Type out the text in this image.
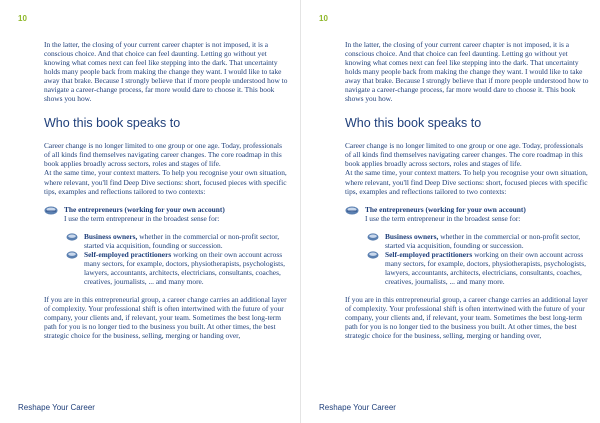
10

In the latter, the closing of your current career chapter is not imposed, it is a conscious choice. And that choice can feel daunting. Letting go without yet knowing what comes next can feel like stepping into the dark. That uncertainty holds many people back from making the change they want. I would like to take away that brake. Because I strongly believe that if more people understood how to navigate a career-change process, far more would dare to choose it. This book shows you how.

Who this book speaks to

Career change is no longer limited to one group or one age. Today, professionals of all kinds find themselves navigating career changes. The core roadmap in this book applies broadly across sectors, roles and stages of life.

At the same time, your context matters. To help you recognise your own situation, where relevant, you'll find Deep Dive sections: short, focused pieces with specific tips, examples and reflections tailored to two contexts:

The entrepreneurs (working for your own account)
I use the term entrepreneur in the broadest sense for:
Business owners, whether in the commercial or non-profit sector, started via acquisition, founding or succession.
Self-employed practitioners working on their own account across many sectors, for example, doctors, physiotherapists, psychologists, lawyers, accountants, architects, electricians, consultants, coaches, creatives, journalists, ... and many more.

If you are in this entrepreneurial group, a career change carries an additional layer of complexity. Your professional shift is often intertwined with the future of your company, your clients and, if relevant, your team. Sometimes the best long-term path for you is no longer tied to the business you built. At other times, the best strategic choice for the business, selling, merging or handing over,

Reshape Your Career
10

In the latter, the closing of your current career chapter is not imposed, it is a conscious choice. And that choice can feel daunting. Letting go without yet knowing what comes next can feel like stepping into the dark. That uncertainty holds many people back from making the change they want. I would like to take away that brake. Because I strongly believe that if more people understood how to navigate a career-change process, far more would dare to choose it. This book shows you how.

Who this book speaks to

Career change is no longer limited to one group or one age. Today, professionals of all kinds find themselves navigating career changes. The core roadmap in this book applies broadly across sectors, roles and stages of life.

At the same time, your context matters. To help you recognise your own situation, where relevant, you'll find Deep Dive sections: short, focused pieces with specific tips, examples and reflections tailored to two contexts:

The entrepreneurs (working for your own account)
I use the term entrepreneur in the broadest sense for:
Business owners, whether in the commercial or non-profit sector, started via acquisition, founding or succession.
Self-employed practitioners working on their own account across many sectors, for example, doctors, physiotherapists, psychologists, lawyers, accountants, architects, electricians, consultants, coaches, creatives, journalists, ... and many more.

If you are in this entrepreneurial group, a career change carries an additional layer of complexity. Your professional shift is often intertwined with the future of your company, your clients and, if relevant, your team. Sometimes the best long-term path for you is no longer tied to the business you built. At other times, the best strategic choice for the business, selling, merging or handing over,

Reshape Your Career
